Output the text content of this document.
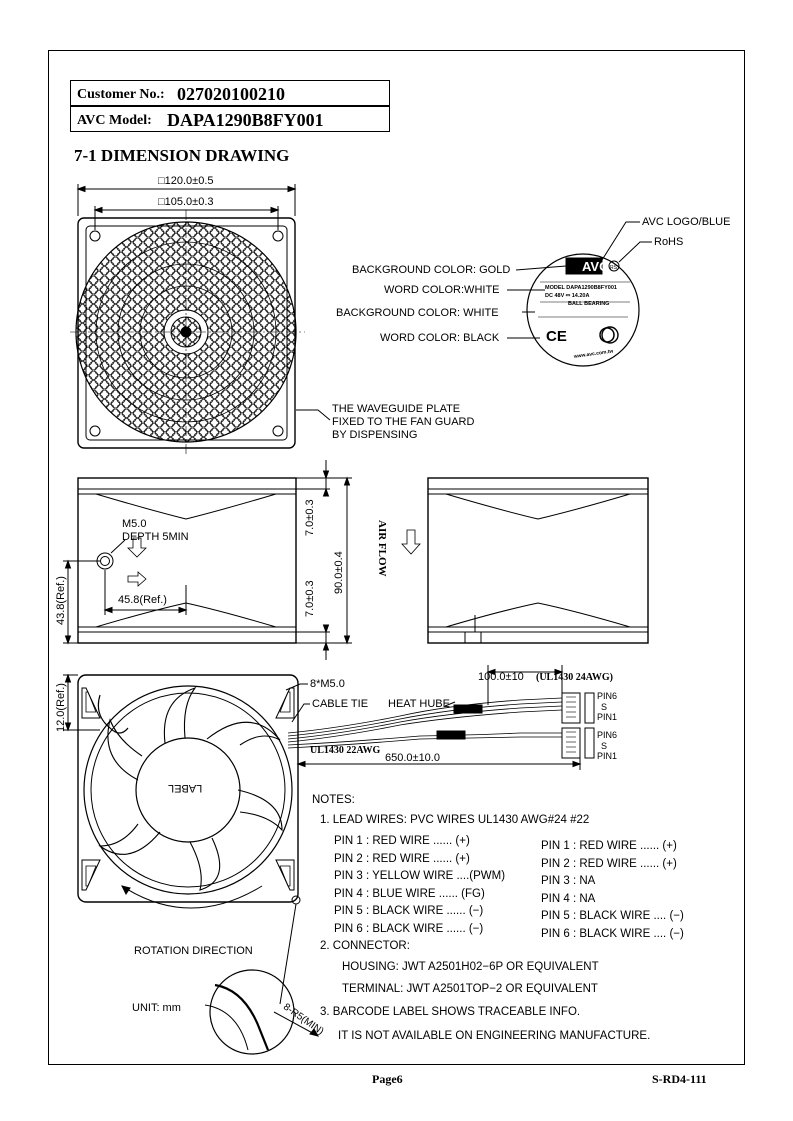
Customer No.: 027020100210
AVC Model: DAPA1290B8FY001
7-1 DIMENSION DRAWING
AVC RS
MODEL DAPA1290B8FY001
DC 48V ⎓ 14.20A
BALL BEARING
CE
www.avc.com.tw
□120.0±0.5
□105.0±0.3
THE WAVEGUIDE PLATE
FIXED TO THE FAN GUARD
BY DISPENSING
BACKGROUND COLOR: GOLD
WORD COLOR:WHITE
BACKGROUND COLOR: WHITE
WORD COLOR: BLACK
AVC LOGO/BLUE
RoHS
M5.0
DEPTH 5MIN
45.8(Ref.)
43.8(Ref.)
7.0±0.3
7.0±0.3
90.0±0.4	AIR FLOW
8*M5.0
CABLE TIE HEAT HUBE
100.0±10 (UL1430 24AWG)
UL1430 22AWG
650.0±10.0
12.0(Ref.)
LABEL
PIN6
S
PIN1
PIN6
S
PIN1
ROTATION DIRECTION
UNIT: mm	8-R5(MIN)
NOTES:
1. LEAD WIRES: PVC WIRES UL1430 AWG#24 #22
PIN 1 : RED WIRE ...... (+)
PIN 2 : RED WIRE ...... (+)
PIN 3 : YELLOW WIRE ....(PWM)
PIN 4 : BLUE WIRE ...... (FG)
PIN 5 : BLACK WIRE ...... (−)
PIN 6 : BLACK WIRE ...... (−)
PIN 1 : RED WIRE ...... (+)
PIN 2 : RED WIRE ...... (+)
PIN 3 : NA
PIN 4 : NA
PIN 5 : BLACK WIRE .... (−)
PIN 6 : BLACK WIRE .... (−)
2. CONNECTOR:
HOUSING: JWT A2501H02−6P OR EQUIVALENT
TERMINAL: JWT A2501TOP−2 OR EQUIVALENT
3. BARCODE LABEL SHOWS TRACEABLE INFO.
IT IS NOT AVAILABLE ON ENGINEERING MANUFACTURE.
Page6	S-RD4-111
